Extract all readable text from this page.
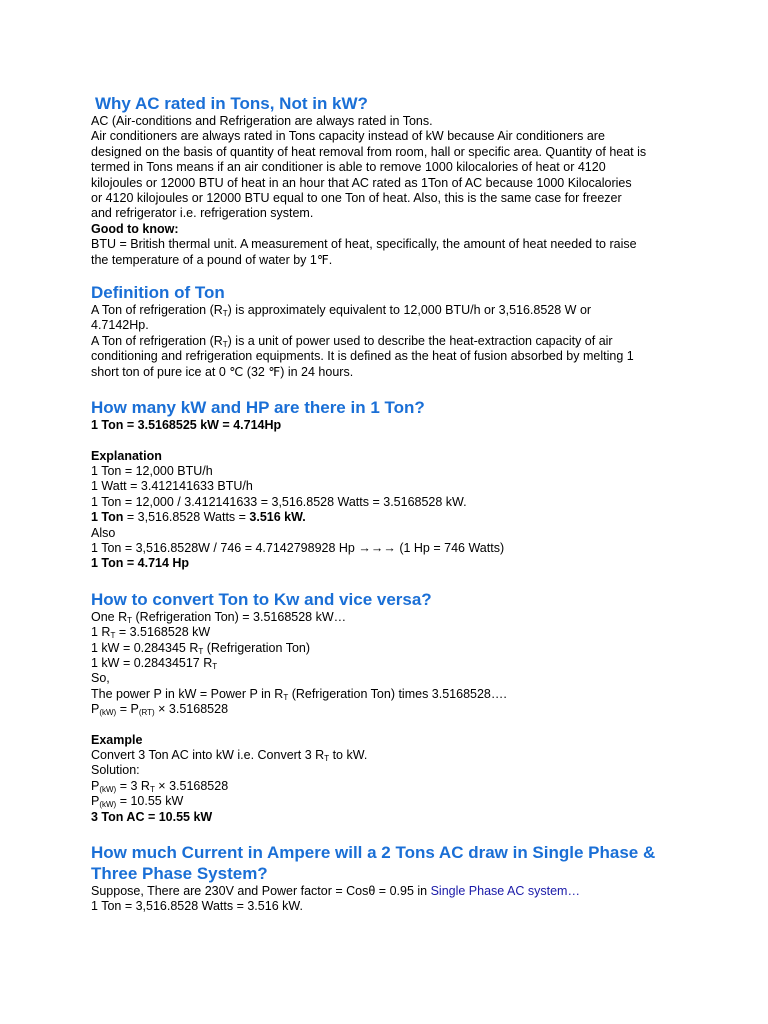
Why AC rated in Tons, Not in kW?

AC (Air-conditions and Refrigeration are always rated in Tons.

Air conditioners are always rated in Tons capacity instead of kW because Air conditioners are

designed on the basis of quantity of heat removal from room, hall or specific area. Quantity of heat is

termed in Tons means if an air conditioner is able to remove 1000 kilocalories of heat or 4120

kilojoules or 12000 BTU of heat in an hour that AC rated as 1Ton of AC because 1000 Kilocalories

or 4120 kilojoules or 12000 BTU equal to one Ton of heat. Also, this is the same case for freezer

and refrigerator i.e. refrigeration system.

Good to know:

BTU = British thermal unit. A measurement of heat, specifically, the amount of heat needed to raise

the temperature of a pound of water by 1℉.

Definition of Ton

A Ton of refrigeration $(R_T)$ is approximately equivalent to 12,000 BTU/h or 3,516.8528 W or

4.7142Hp.

A Ton of refrigeration $(R_T)$ is a unit of power used to describe the heat-extraction capacity of air

conditioning and refrigeration equipments. It is defined as the heat of fusion absorbed by melting 1

short ton of pure ice at 0 ℃ (32 ℉) in 24 hours.

How many kW and HP are there in 1 Ton?

1 Ton = 3.5168525 kW = 4.714Hp

Explanation

1 Ton = 12,000 BTU/h

1 Watt = 3.412141633 BTU/h

1 Ton = 12,000 / 3.412141633 = 3,516.8528 Watts = 3.5168528 kW.

1 Ton = 3,516.8528 Watts = 3.516 kW.

Also

1 Ton = 3,516.8528W / 746 = 4.7142798928 Hp →→→ (1 Hp = 746 Watts)

1 Ton = 4.714 Hp

How to convert Ton to Kw and vice versa?

One $R_T$ (Refrigeration Ton) = 3.5168528 kW…

1 $R_T = 3.5168528$ kW

1 kW = 0.284345 $R_T$ (Refrigeration Ton)

1 kW = 0.28434517 $R_T$

So,

The power P in kW = Power P in $R_T$ (Refrigeration Ton) times 3.5168528….

$P_{(kW)} = P_{(RT)} \times 3.5168528$

Example

Convert 3 Ton AC into kW i.e. Convert 3 $R_T$ to kW.

Solution:

$P_{(kW)} = 3$ $R_T \times 3.5168528$

$P_{(kW)} = 10.55$ kW

3 Ton AC = 10.55 kW

How much Current in Ampere will a 2 Tons AC draw in Single Phase &
Three Phase System?

Suppose, There are 230V and Power factor = Cosθ = 0.95 in Single Phase AC system…

1 Ton = 3,516.8528 Watts = 3.516 kW.
